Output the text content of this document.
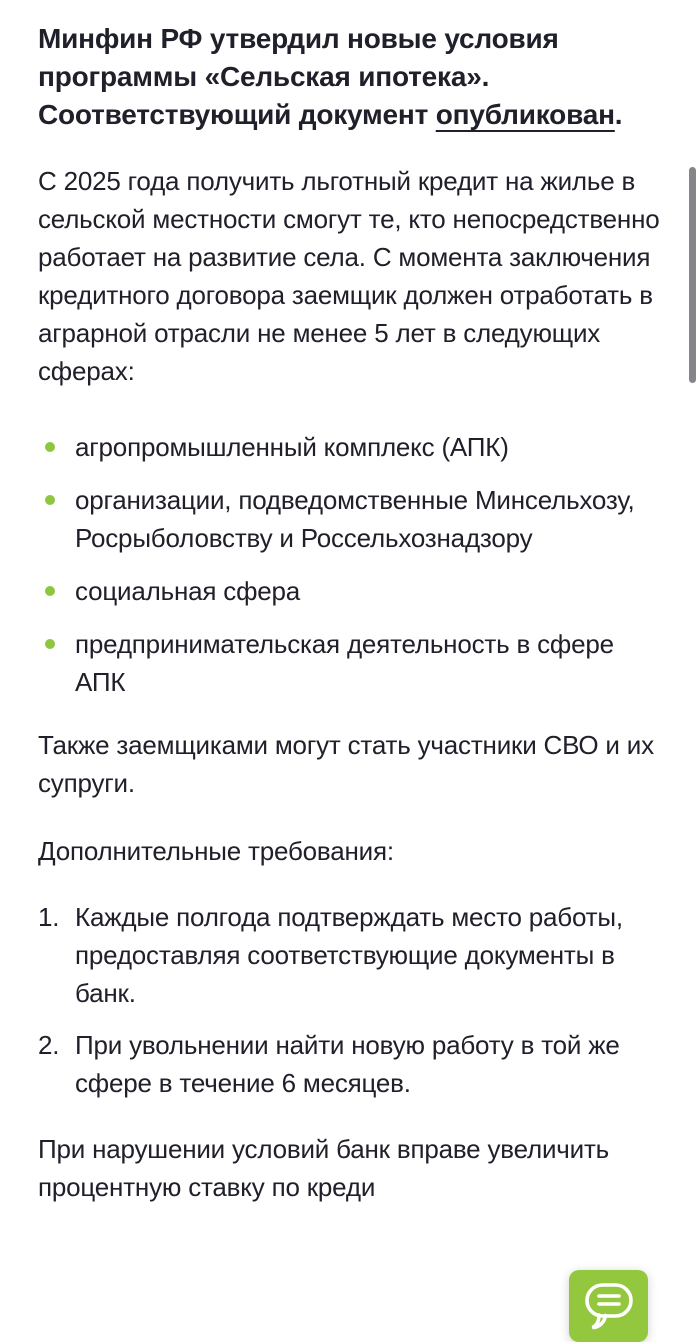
Минфин РФ утвердил новые условия программы «Сельская ипотека». Соответствующий документ опубликован.

С 2025 года получить льготный кредит на жилье в сельской местности смогут те, кто непосредственно работает на развитие села. С момента заключения кредитного договора заемщик должен отработать в аграрной отрасли не менее 5 лет в следующих сферах:

агропромышленный комплекс (АПК)
организации, подведомственные Минсельхозу, Росрыболовству и Россельхознадзору
социальная сфера
предпринимательская деятельность в сфере АПК

Также заемщиками могут стать участники СВО и их супруги.

Дополнительные требования:

Каждые полгода подтверждать место работы, предоставляя соответствующие документы в банк.
При увольнении найти новую работу в той же сфере в течение 6 месяцев.

При нарушении условий банк вправе увеличить процентную ставку по креди
